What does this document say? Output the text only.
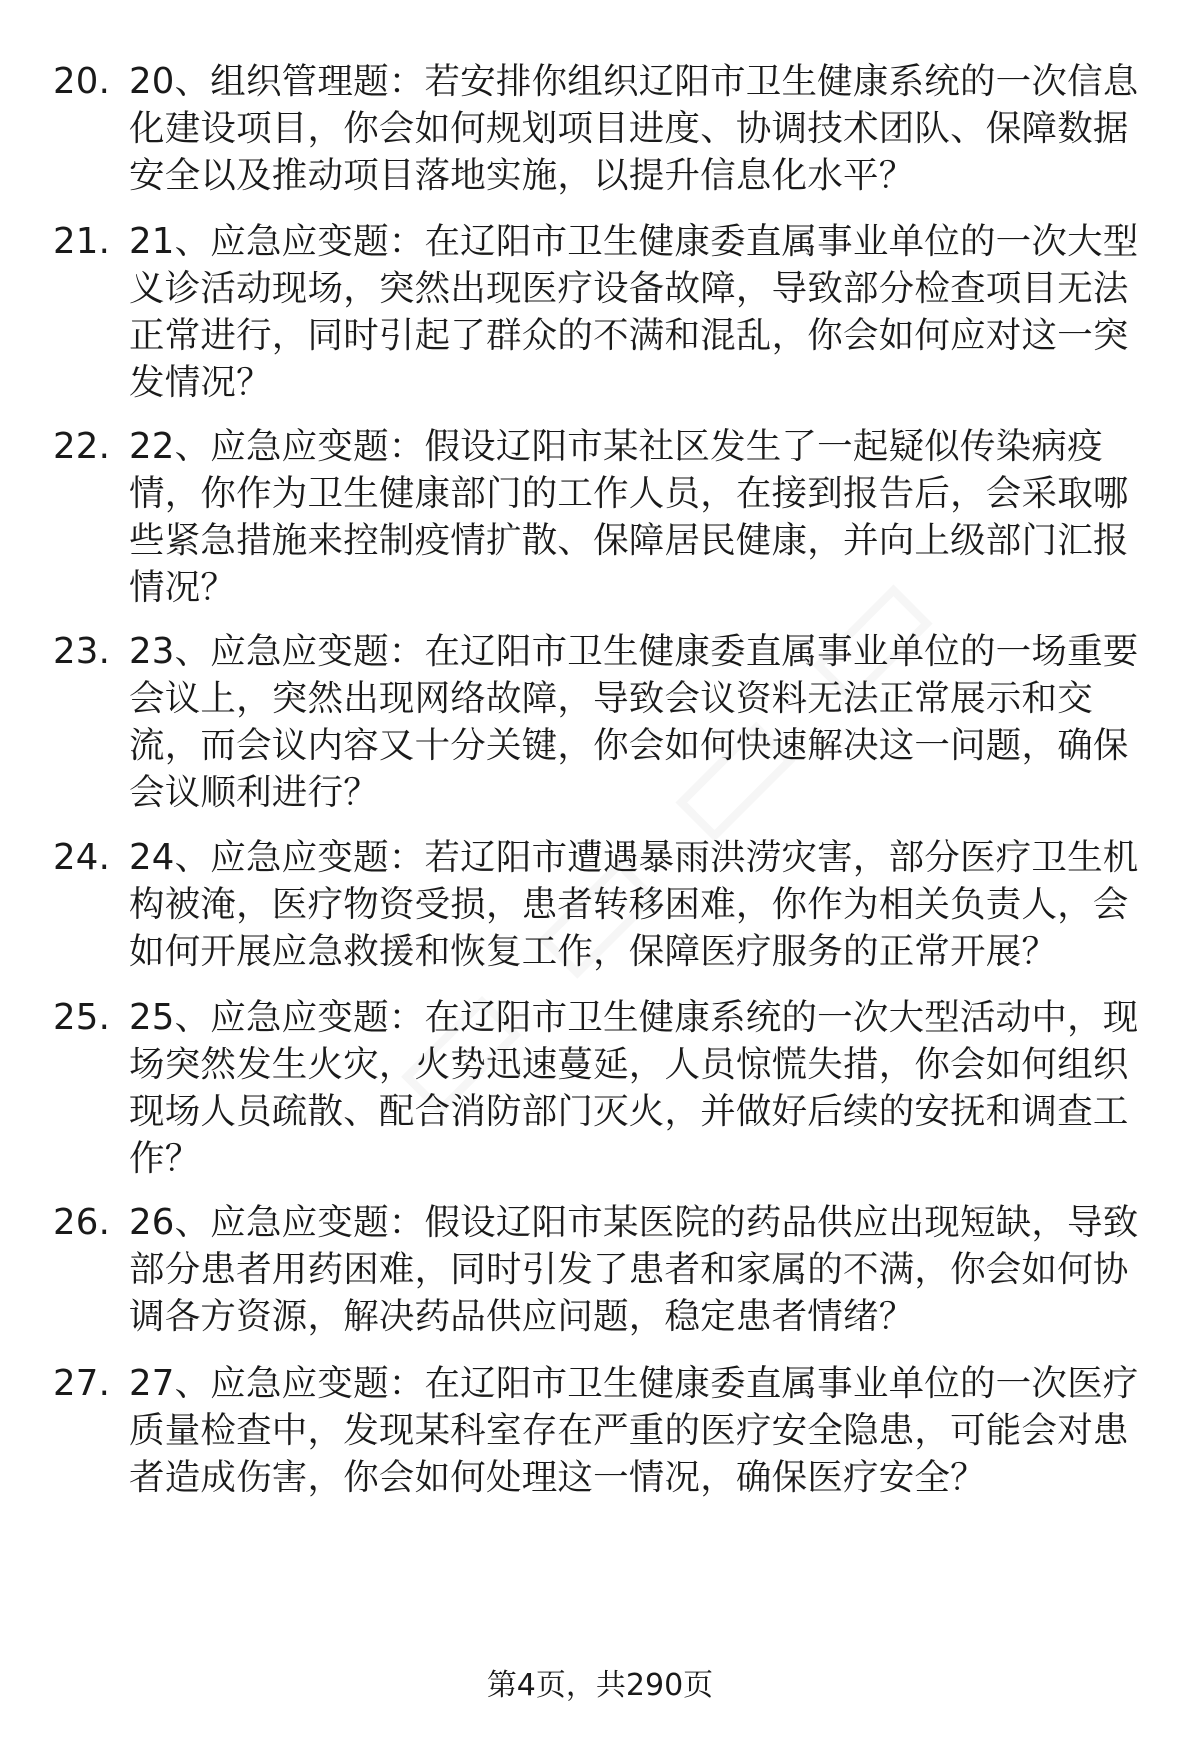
20. 20、组织管理题：若安排你组织辽阳市卫生健康系统的一次信息
化建设项目，你会如何规划项目进度、协调技术团队、保障数据
安全以及推动项目落地实施，以提升信息化水平？
21. 21、应急应变题：在辽阳市卫生健康委直属事业单位的一次大型
义诊活动现场，突然出现医疗设备故障，导致部分检查项目无法
正常进行，同时引起了群众的不满和混乱，你会如何应对这一突
发情况？
22. 22、应急应变题：假设辽阳市某社区发生了一起疑似传染病疫
情，你作为卫生健康部门的工作人员，在接到报告后，会采取哪
些紧急措施来控制疫情扩散、保障居民健康，并向上级部门汇报
情况？
23. 23、应急应变题：在辽阳市卫生健康委直属事业单位的一场重要
会议上，突然出现网络故障，导致会议资料无法正常展示和交
流，而会议内容又十分关键，你会如何快速解决这一问题，确保
会议顺利进行？
24. 24、应急应变题：若辽阳市遭遇暴雨洪涝灾害，部分医疗卫生机
构被淹，医疗物资受损，患者转移困难，你作为相关负责人，会
如何开展应急救援和恢复工作，保障医疗服务的正常开展？
25. 25、应急应变题：在辽阳市卫生健康系统的一次大型活动中，现
场突然发生火灾，火势迅速蔓延，人员惊慌失措，你会如何组织
现场人员疏散、配合消防部门灭火，并做好后续的安抚和调查工
作？
26. 26、应急应变题：假设辽阳市某医院的药品供应出现短缺，导致
部分患者用药困难，同时引发了患者和家属的不满，你会如何协
调各方资源，解决药品供应问题，稳定患者情绪？
27. 27、应急应变题：在辽阳市卫生健康委直属事业单位的一次医疗
质量检查中，发现某科室存在严重的医疗安全隐患，可能会对患
者造成伤害，你会如何处理这一情况，确保医疗安全？
第4页，共290页
